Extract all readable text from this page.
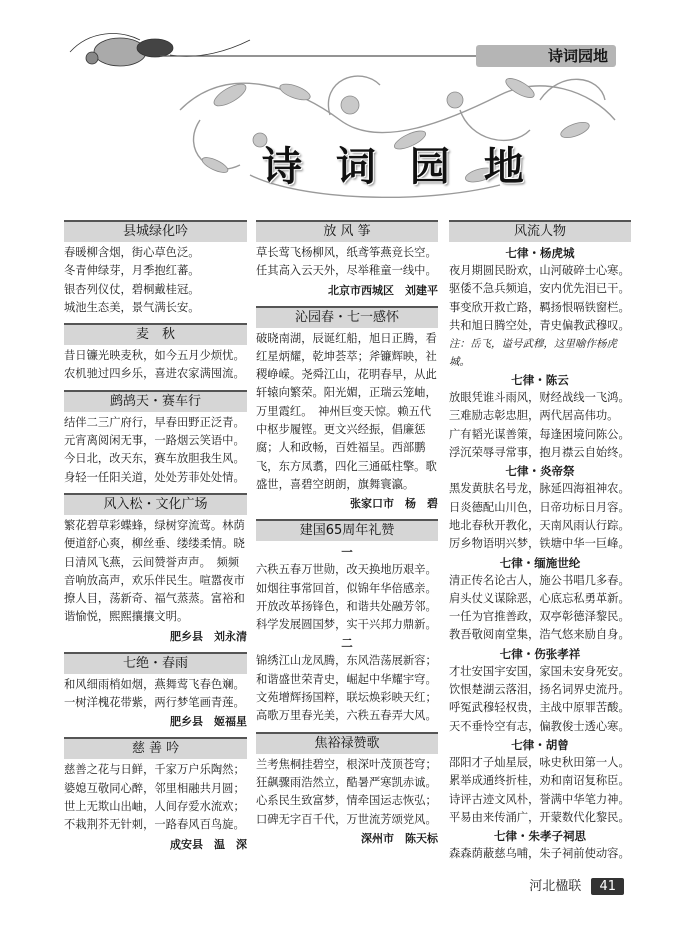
诗词园地
诗 词 园 地
县城绿化吟
春暖柳含烟，街心草色泛。
冬青伸绿芽，月季抱红蕃。
银杏列仪仗，碧桐戴桂冠。
城池生态美，景气满长安。
麦　秋
昔日镰光映麦秋，如今五月少烦忧。
农机驰过四乡乐，喜进农家满囤流。
鹧鸪天・赛车行
结伴二三广府行，早春田野正泛青。
元宵离阅闲无事，一路烟云笑语中。
今日北，改天东，赛车放胆我生风。
身轻一任阳关道，处处芳菲处处情。
风入松・文化广场
繁花碧草彩蝶蜂，绿树穿流莺。林荫便道舒心爽，柳丝垂、缕缕柔情。晓日清风飞燕，云间赞誉声声。　频频音响放高声，欢乐伴民生。喧嚣夜市撩人目，荡新奇、福气蒸蒸。富裕和谐愉悦，熙熙攘攘文明。
肥乡县　刘永清
七绝・春雨
和风细雨梢如烟，燕舞莺飞春色斓。
一树洋槐花带紫，两行梦笔画青莲。
肥乡县　姬福星
慈 善 吟
慈善之花与日鲜，千家万户乐陶然；
婆媳互敬同心醉，邻里相融共月圆；
世上无欺山出岫，人间存爱水流欢；
不栽荆芥无针刺，一路春风百鸟旋。
成安县　温　深
放 风 筝
草长莺飞杨柳风，纸鸢筝燕竞长空。
任其高入云天外，尽举稚童一线中。
北京市西城区　刘建平
沁园春・七一感怀
破晓南湖，辰诞红船，旭日正腾，看红星炳耀，乾坤荟萃；斧镰辉映，社稷峥嵘。尧舜江山，花明春早，从此轩辕向繁荣。阳光媚，正瑞云笼岫，万里霞红。　神州巨变天惊。赖五代中枢步履铿。更文兴经振，倡廉惩腐；人和政畅，百姓福呈。西部鹏飞，东方凤翥，四化三通砥柱擎。歌盛世，喜碧空朗朗，旗舞寰瀛。
张家口市　杨　碧
建国65周年礼赞
一
六秩五春万世勋，改天换地历艰辛。
如烟往事常回首，似锦年华倍感亲。
开放改革扬锋色，和谐共处融芳邻。
科学发展圆国梦，实干兴邦力鼎新。
二
锦绣江山龙凤腾，东风浩荡展新容；
和谐盛世荣青史，崛起中华耀宇穹。
文苑增辉扬国粹，联坛焕彩映天红；
高歌万里春光美，六秩五春弄大风。
焦裕禄赞歌
兰考焦桐挂碧空，根深叶茂顶苍穹；
狂飙骤雨浩然立，酷暑严寒凯赤诚。
心系民生致富梦，情牵国运志恢弘；
口碑无字百千代，万世流芳颂党风。
深州市　陈天标
风流人物
七律・杨虎城
夜月期圆民盼欢，山河破碎士心寒。
驱倭不急兵频追，安内优先泪已干。
事变欣开救亡路，羁扬恨嗝铁窗栏。
共和旭日腾空处，青史偏教武穆叹。
注：岳飞，谥号武穆，这里喻作杨虎城。
七律・陈云
放眼凭谁斗雨风，财经战线一飞鸿。
三难励志彰忠胆，两代居高伟功。
广有韬光谋善策，每逢困境问陈公。
浮沉荣辱寻常事，抱月襟云自始终。
七律・炎帝祭
黑发黄肤名号龙，脉延四海祖神农。
日炎德配山川色，日帝功标日月容。
地北春秋开教化，天南风雨认行踪。
厉乡物语明兴梦，铁塘中华一巨峰。
七律・缅施世纶
清正传名论古人，施公书唱几多春。
肩头仗义谋除恶，心底忘私勇革新。
一任为官推善政，双亭彰德泽黎民。
教吾敬阅南堂集，浩气悠来励自身。
七律・伤张孝祥
才壮安国宇安国，家国未安身死安。
饮恨楚湖云落泪，扬名词界史流丹。
呼冤武穆轻权贵，主战中原罪苦酸。
天不垂怜空有志，偏教俊士透心寒。
七律・胡曾
邵阳才子灿星辰，咏史秋田第一人。
累举成通终折桂，劝和南诏复称臣。
诗评古迹文风朴，誉满中华笔力神。
平易由来传涌广，开蒙数代化黎民。
七律・朱孝子祠思
森森荫蔽慈乌哺，朱子祠前使动容。
河北楹联 41
